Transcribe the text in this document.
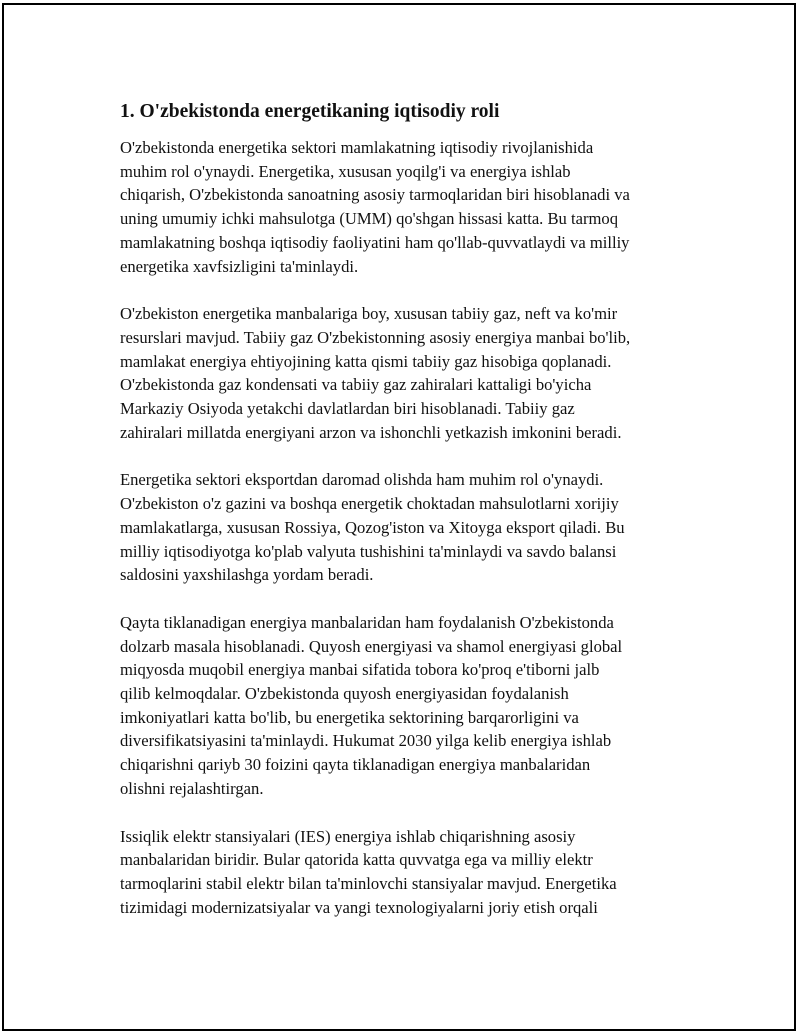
1. O'zbekistonda energetikaning iqtisodiy roli

O'zbekistonda energetika sektori mamlakatning iqtisodiy rivojlanishida
muhim rol o'ynaydi. Energetika, xususan yoqilg'i va energiya ishlab
chiqarish, O'zbekistonda sanoatning asosiy tarmoqlaridan biri hisoblanadi va
uning umumiy ichki mahsulotga (UMM) qo'shgan hissasi katta. Bu tarmoq
mamlakatning boshqa iqtisodiy faoliyatini ham qo'llab-quvvatlaydi va milliy
energetika xavfsizligini ta'minlaydi.

O'zbekiston energetika manbalariga boy, xususan tabiiy gaz, neft va ko'mir
resurslari mavjud. Tabiiy gaz O'zbekistonning asosiy energiya manbai bo'lib,
mamlakat energiya ehtiyojining katta qismi tabiiy gaz hisobiga qoplanadi.
O'zbekistonda gaz kondensati va tabiiy gaz zahiralari kattaligi bo'yicha
Markaziy Osiyoda yetakchi davlatlardan biri hisoblanadi. Tabiiy gaz
zahiralari millatda energiyani arzon va ishonchli yetkazish imkonini beradi.

Energetika sektori eksportdan daromad olishda ham muhim rol o'ynaydi.
O'zbekiston o'z gazini va boshqa energetik choktadan mahsulotlarni xorijiy
mamlakatlarga, xususan Rossiya, Qozog'iston va Xitoyga eksport qiladi. Bu
milliy iqtisodiyotga ko'plab valyuta tushishini ta'minlaydi va savdo balansi
saldosini yaxshilashga yordam beradi.

Qayta tiklanadigan energiya manbalaridan ham foydalanish O'zbekistonda
dolzarb masala hisoblanadi. Quyosh energiyasi va shamol energiyasi global
miqyosda muqobil energiya manbai sifatida tobora ko'proq e'tiborni jalb
qilib kelmoqdalar. O'zbekistonda quyosh energiyasidan foydalanish
imkoniyatlari katta bo'lib, bu energetika sektorining barqarorligini va
diversifikatsiyasini ta'minlaydi. Hukumat 2030 yilga kelib energiya ishlab
chiqarishni qariyb 30 foizini qayta tiklanadigan energiya manbalaridan
olishni rejalashtirgan.

Issiqlik elektr stansiyalari (IES) energiya ishlab chiqarishning asosiy
manbalaridan biridir. Bular qatorida katta quvvatga ega va milliy elektr
tarmoqlarini stabil elektr bilan ta'minlovchi stansiyalar mavjud. Energetika
tizimidagi modernizatsiyalar va yangi texnologiyalarni joriy etish orqali
